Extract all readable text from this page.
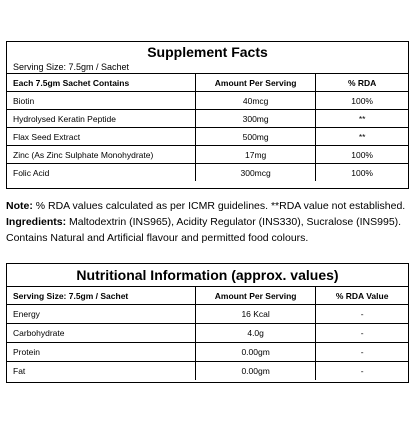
Supplement Facts
Serving Size: 7.5gm / Sachet
Each 7.5gm Sachet Contains	Amount Per Serving	% RDA
Biotin	40mcg	100%
Hydrolysed Keratin Peptide	300mg	**
Flax Seed Extract	500mg	**
Zinc (As Zinc Sulphate Monohydrate)	17mg	100%
Folic Acid	300mcg	100%

Note: % RDA values calculated as per ICMR guidelines. **RDA value not established.

Ingredients: Maltodextrin (INS965), Acidity Regulator (INS330), Sucralose (INS995).

Contains Natural and Artificial flavour and permitted food colours.

Nutritional Information (approx. values)
Serving Size: 7.5gm / Sachet	Amount Per Serving	% RDA Value
Energy	16 Kcal	-
Carbohydrate	4.0g	-
Protein	0.00gm	-
Fat	0.00gm	-
